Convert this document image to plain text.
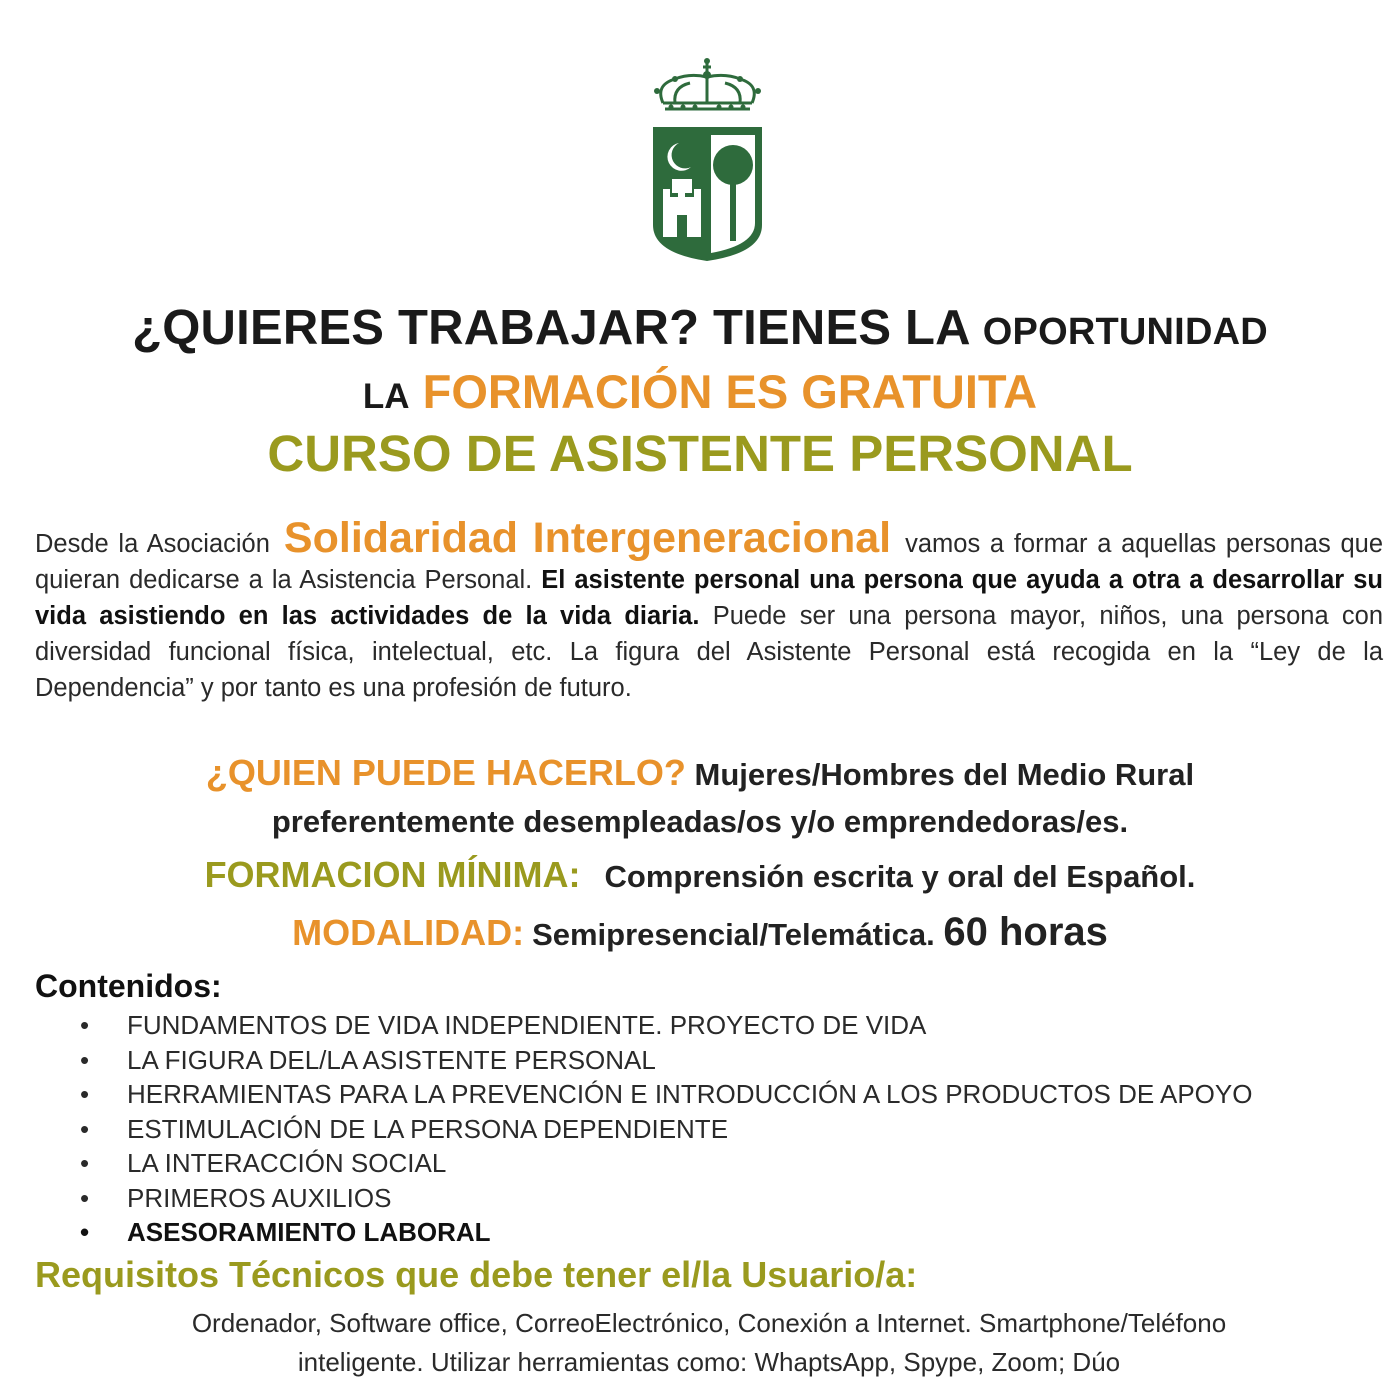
¿QUIERES TRABAJAR? TIENES LA OPORTUNIDAD
LA FORMACIÓN ES GRATUITA
CURSO DE ASISTENTE PERSONAL
Desde la Asociación Solidaridad Intergeneracional vamos a formar a aquellas personas que quieran dedicarse a la Asistencia Personal. El asistente personal una persona que ayuda a otra a desarrollar su vida asistiendo en las actividades de la vida diaria. Puede ser una persona mayor, niños, una persona con diversidad funcional física, intelectual, etc. La figura del Asistente Personal está recogida en la “Ley de la Dependencia” y por tanto es una profesión de futuro.
¿QUIEN PUEDE HACERLO? Mujeres/Hombres del Medio Rural
preferentemente desempleadas/os y/o emprendedoras/es.
FORMACION MÍNIMA: Comprensión escrita y oral del Español.
MODALIDAD: Semipresencial/Telemática. 60 horas
Contenidos:
• FUNDAMENTOS DE VIDA INDEPENDIENTE. PROYECTO DE VIDA
• LA FIGURA DEL/LA ASISTENTE PERSONAL
• HERRAMIENTAS PARA LA PREVENCIÓN E INTRODUCCIÓN A LOS PRODUCTOS DE APOYO
• ESTIMULACIÓN DE LA PERSONA DEPENDIENTE
• LA INTERACCIÓN SOCIAL
• PRIMEROS AUXILIOS
• ASESORAMIENTO LABORAL
Requisitos Técnicos que debe tener el/la Usuario/a:
Ordenador, Software office, CorreoElectrónico, Conexión a Internet. Smartphone/Teléfono
inteligente. Utilizar herramientas como: WhaptsApp, Spype, Zoom; Dúo
